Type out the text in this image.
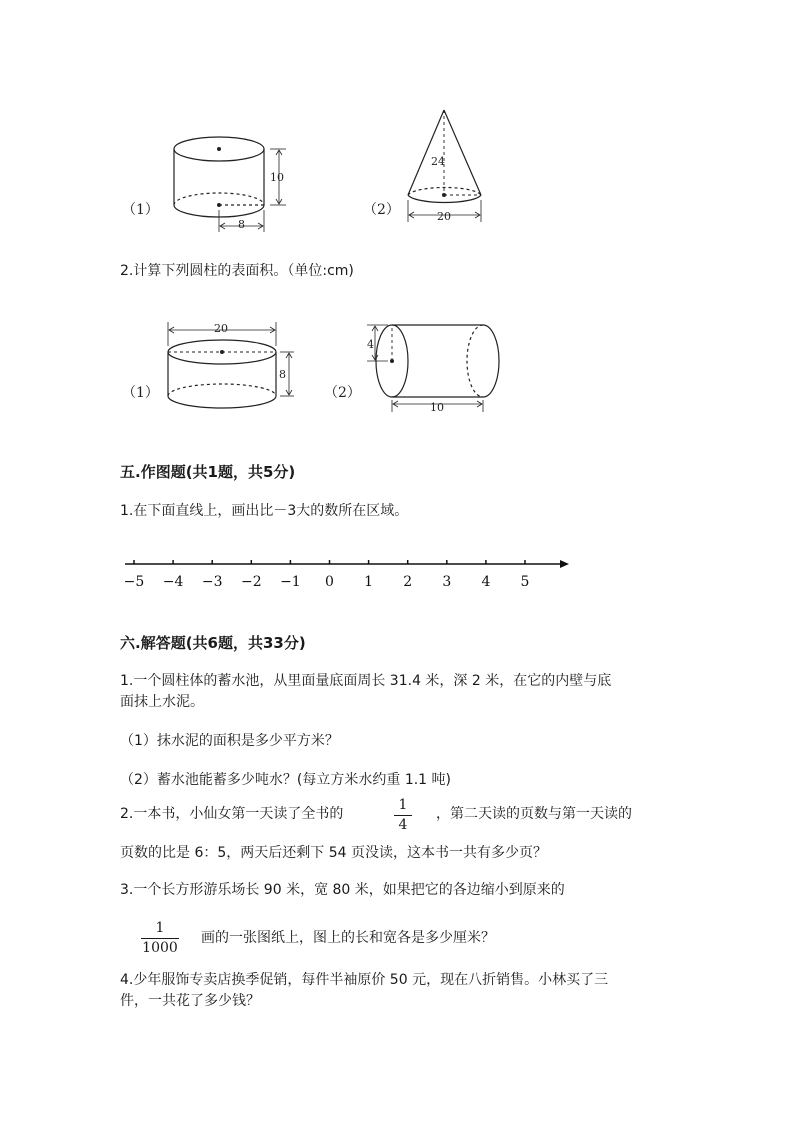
10
8
（1）
24
20
（2）
2.计算下列圆柱的表面积。（单位:cm)
20
8
（1）
4
10
（2）
五.作图题(共1题，共5分)
1.在下面直线上，画出比－3大的数所在区域。
−5 −4 −3 −2 −1 0 1 2 3 4 5
六.解答题(共6题，共33分)
1.一个圆柱体的蓄水池，从里面量底面周长 31.4 米，深 2 米，在它的内壁与底
面抹上水泥。
（1）抹水泥的面积是多少平方米？
（2）蓄水池能蓄多少吨水？(每立方米水约重 1.1 吨)
2.一本书，小仙女第一天读了全书的
1
4
，第二天读的页数与第一天读的
页数的比是 6：5，两天后还剩下 54 页没读，这本书一共有多少页？
3.一个长方形游乐场长 90 米，宽 80 米，如果把它的各边缩小到原来的
1
1000
画的一张图纸上，图上的长和宽各是多少厘米？
4.少年服饰专卖店换季促销，每件半袖原价 50 元，现在八折销售。小林买了三
件，一共花了多少钱？
